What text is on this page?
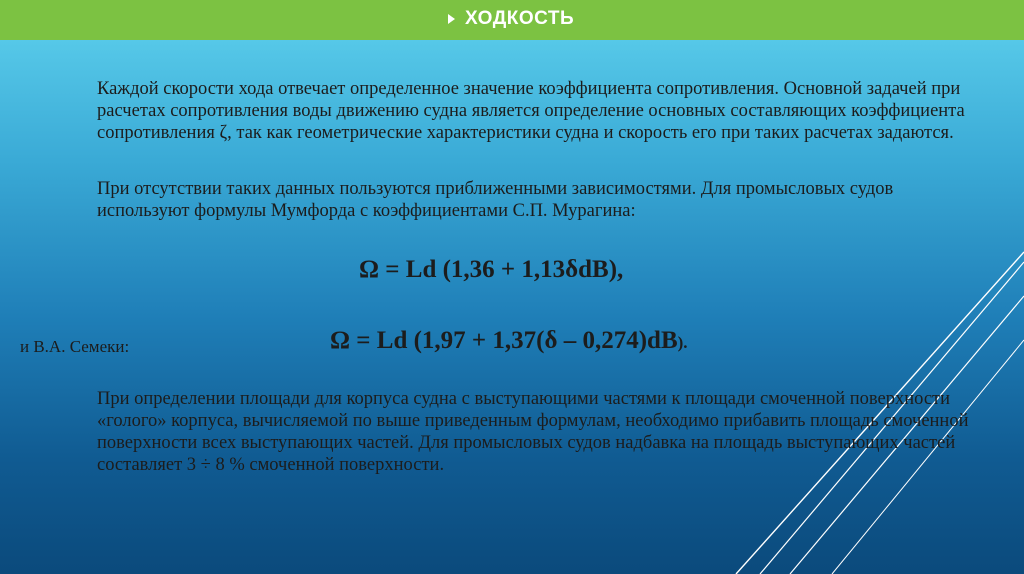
ХОДКОСТЬ

Каждой скорости хода отвечает определенное значение коэффициента сопротивления. Основной задачей при расчетах сопротивления воды движению судна является определение основных составляющих коэффициента сопротивления ζ, так как геометрические характеристики судна и скорость его при таких расчетах задаются.

При отсутствии таких данных пользуются приближенными зависимостями. Для промысловых судов используют формулы Мумфорда с коэффициентами С.П. Мурагина:

Ω = Ld (1,36 + 1,13δdB),
и В.А. Семеки:	Ω = Ld (1,97 + 1,37(δ – 0,274)dB).

При определении площади для корпуса судна с выступающими частями к площади смоченной поверхности «голого» корпуса, вычисляемой по выше приведенным формулам, необходимо прибавить площадь смоченной поверхности всех выступающих частей. Для промысловых судов надбавка на площадь выступающих частей составляет 3 ÷ 8 % смоченной поверхности.
